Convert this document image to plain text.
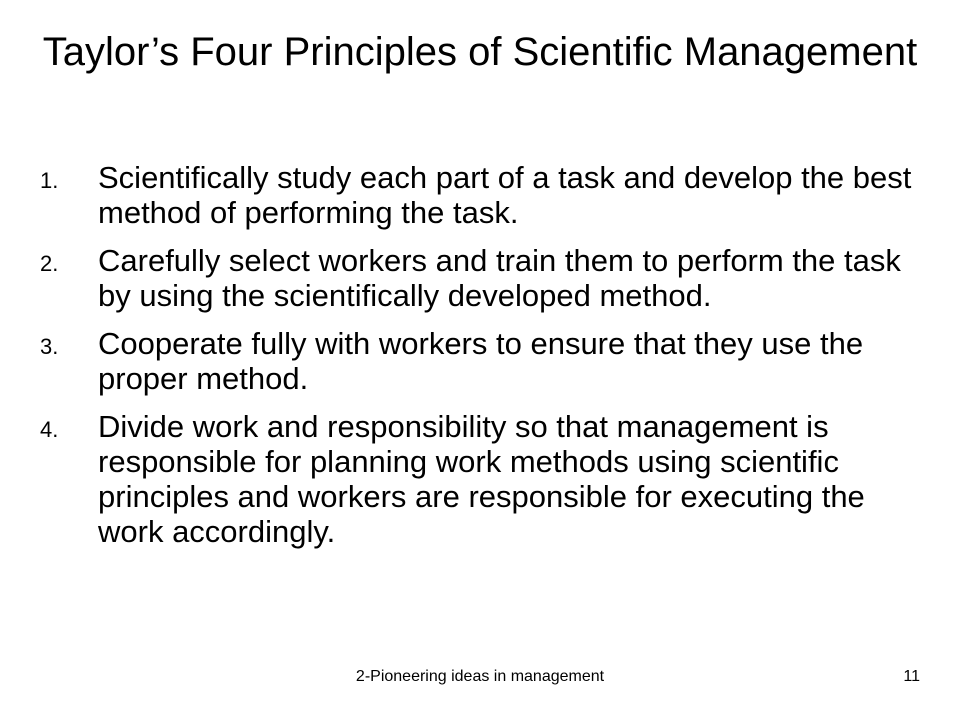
Taylor’s Four Principles of Scientific Management
1. Scientifically study each part of a task and develop the best method of performing the task.
2. Carefully select workers and train them to perform the task by using the scientifically developed method.
3. Cooperate fully with workers to ensure that they use the proper method.
4. Divide work and responsibility so that management is responsible for planning work methods using scientific principles and workers are responsible for executing the work accordingly.
2-Pioneering ideas in management	11
